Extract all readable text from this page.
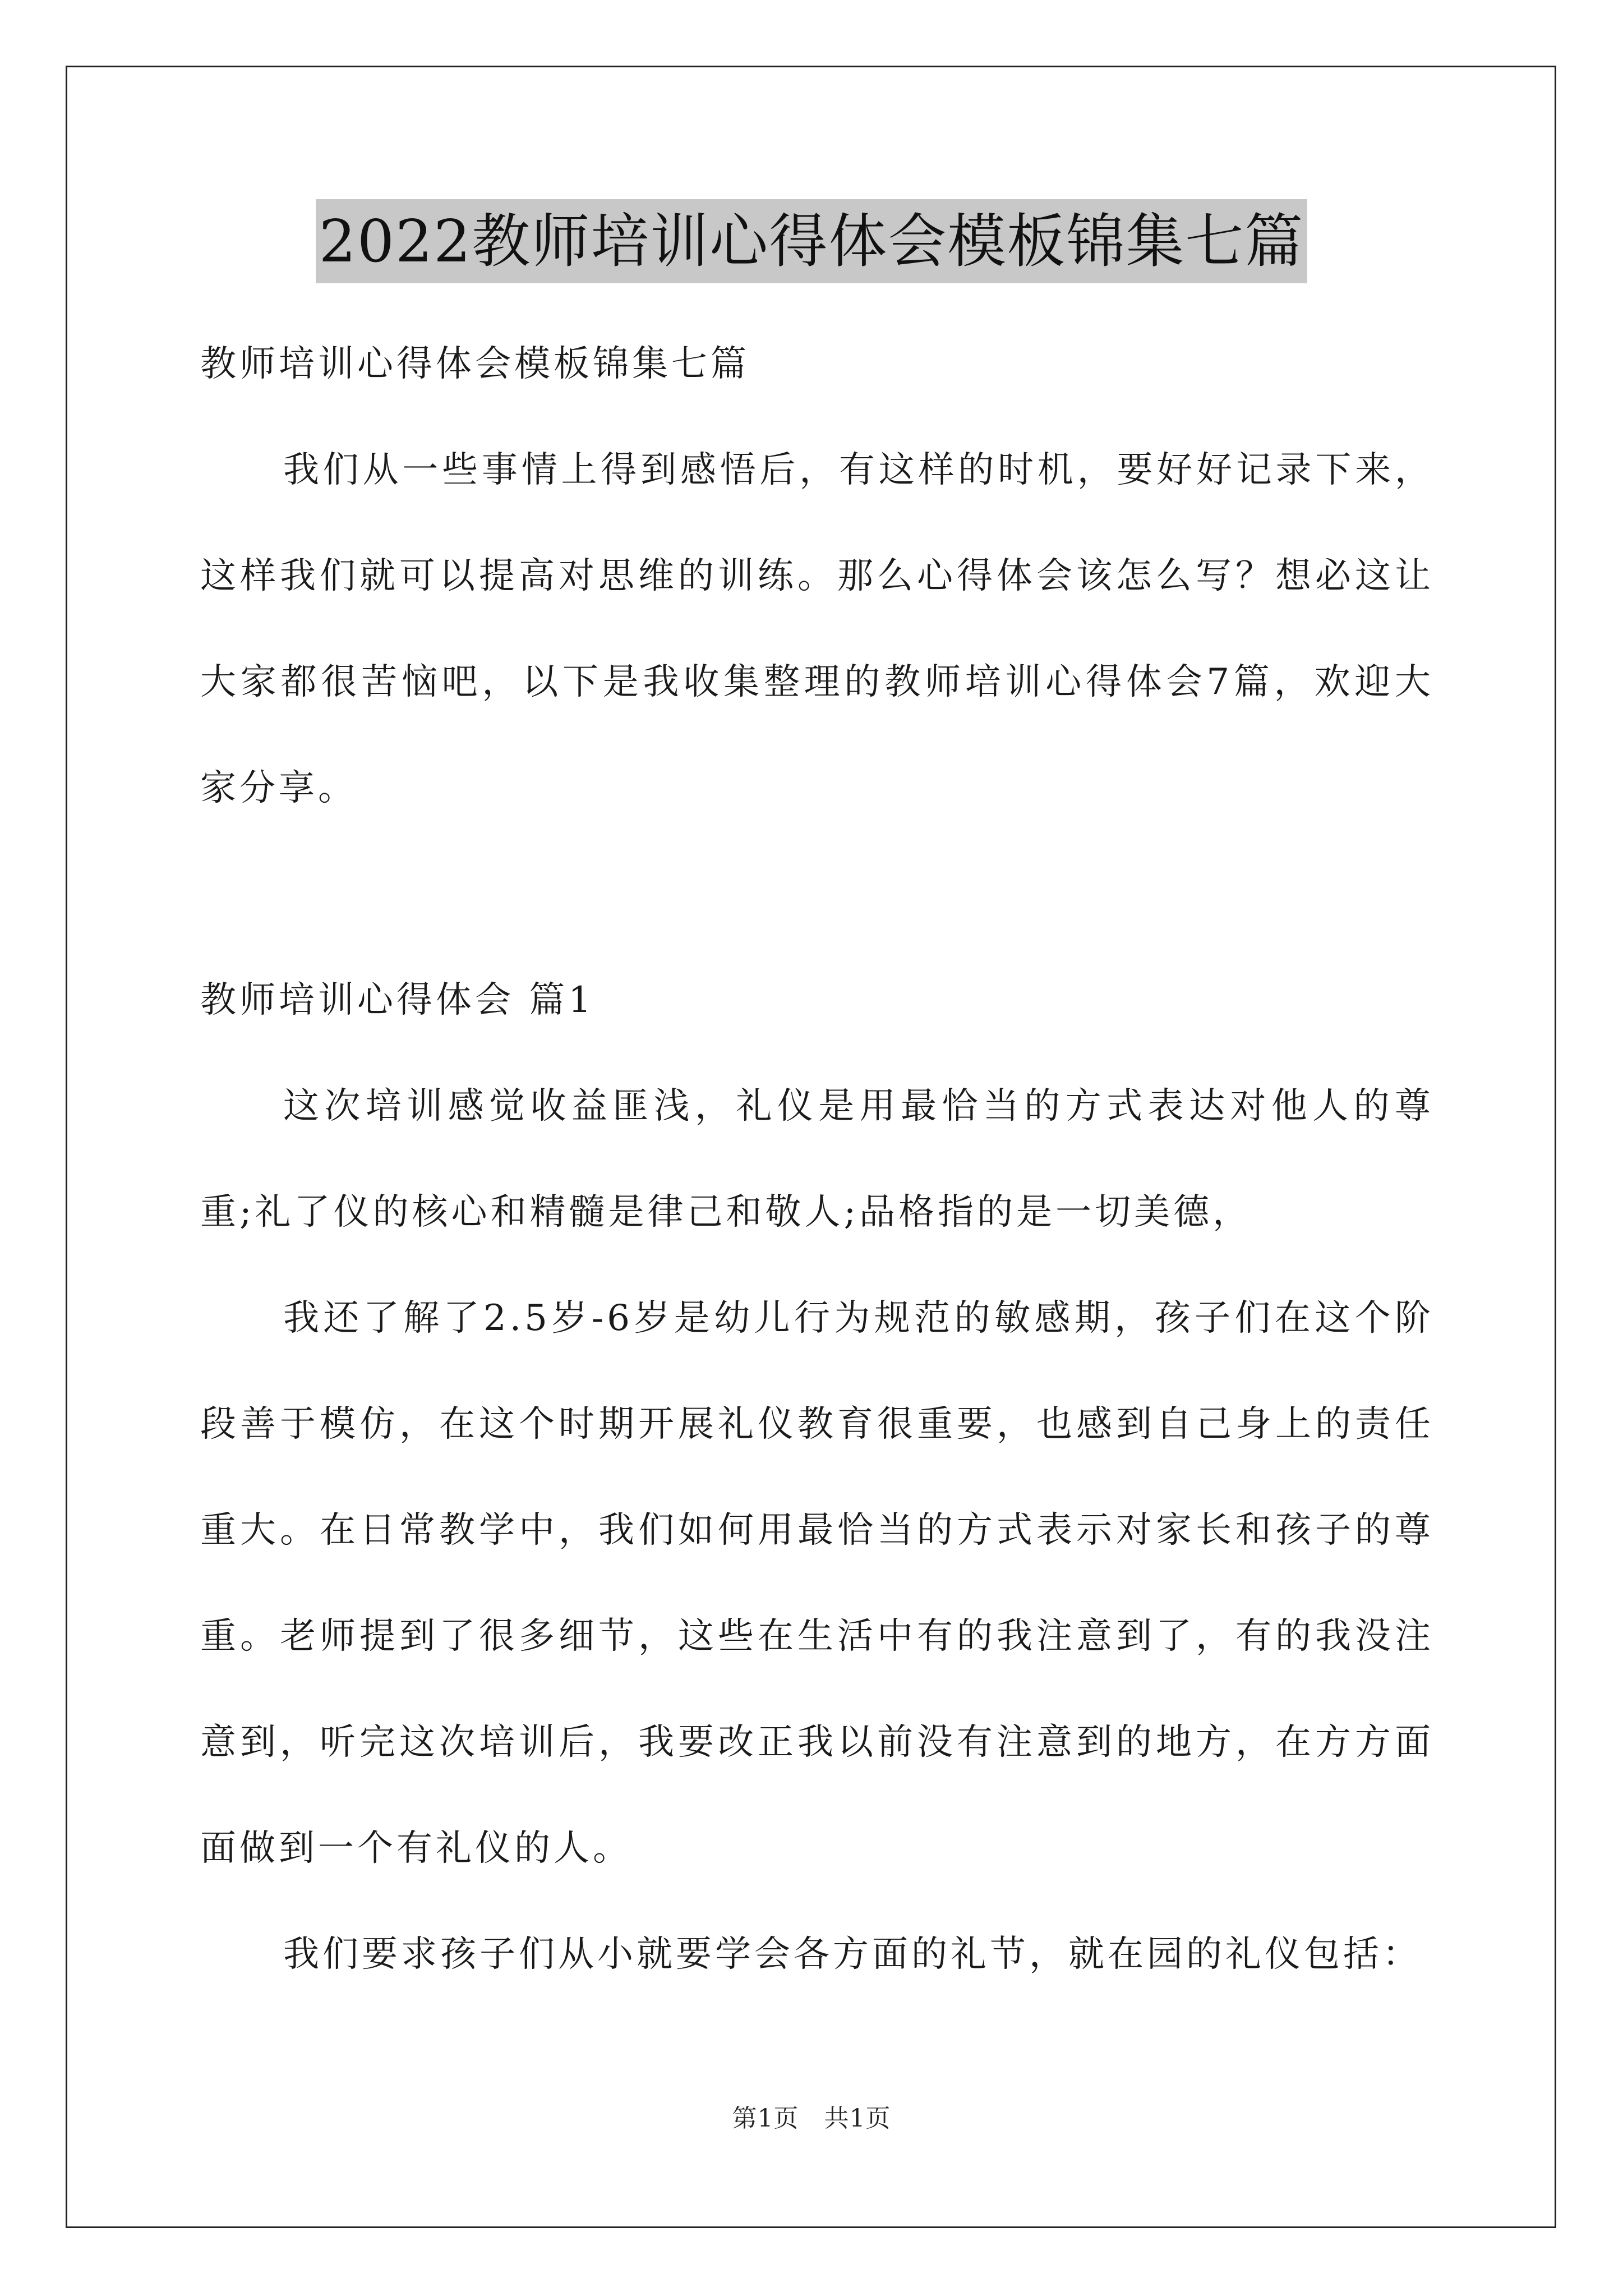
2022教师培训心得体会模板锦集七篇

教师培训心得体会模板锦集七篇

我们从一些事情上得到感悟后，有这样的时机，要好好记录下来，这样我们就可以提高对思维的训练。那么心得体会该怎么写？想必这让大家都很苦恼吧，以下是我收集整理的教师培训心得体会7篇，欢迎大家分享。

教师培训心得体会 篇1

这次培训感觉收益匪浅，礼仪是用最恰当的方式表达对他人的尊重;礼了仪的核心和精髓是律己和敬人;品格指的是一切美德，

我还了解了2.5岁-6岁是幼儿行为规范的敏感期，孩子们在这个阶段善于模仿，在这个时期开展礼仪教育很重要，也感到自己身上的责任重大。在日常教学中，我们如何用最恰当的方式表示对家长和孩子的尊重。老师提到了很多细节，这些在生活中有的我注意到了，有的我没注意到，听完这次培训后，我要改正我以前没有注意到的地方，在方方面面做到一个有礼仪的人。

我们要求孩子们从小就要学会各方面的礼节，就在园的礼仪包括：

第1页 共1页
